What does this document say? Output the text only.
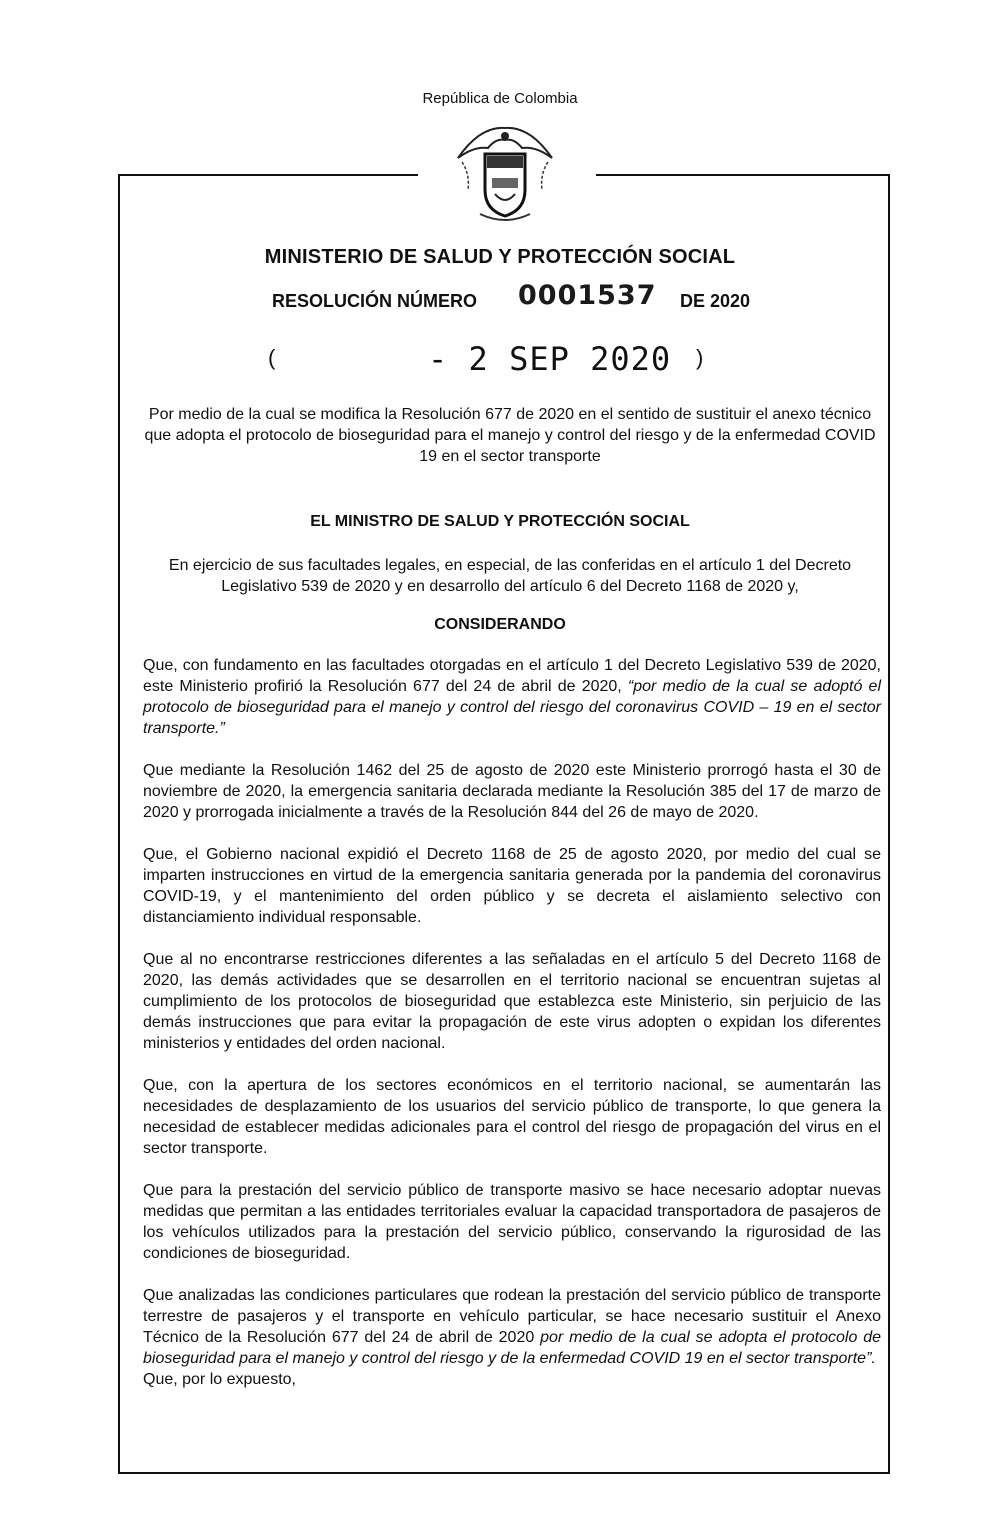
República de Colombia
MINISTERIO DE SALUD Y PROTECCIÓN SOCIAL
RESOLUCIÓN NÚMERO 0001537 DE 2020
(	- 2 SEP 2020 )
Por medio de la cual se modifica la Resolución 677 de 2020 en el sentido de sustituir el anexo técnico que adopta el protocolo de bioseguridad para el manejo y control del riesgo y de la enfermedad COVID 19 en el sector transporte
EL MINISTRO DE SALUD Y PROTECCIÓN SOCIAL
En ejercicio de sus facultades legales, en especial, de las conferidas en el artículo 1 del Decreto Legislativo 539 de 2020 y en desarrollo del artículo 6 del Decreto 1168 de 2020 y,
CONSIDERANDO

Que, con fundamento en las facultades otorgadas en el artículo 1 del Decreto Legislativo 539 de 2020, este Ministerio profirió la Resolución 677 del 24 de abril de 2020, “por medio de la cual se adoptó el protocolo de bioseguridad para el manejo y control del riesgo del coronavirus COVID – 19 en el sector transporte.”

Que mediante la Resolución 1462 del 25 de agosto de 2020 este Ministerio prorrogó hasta el 30 de noviembre de 2020, la emergencia sanitaria declarada mediante la Resolución 385 del 17 de marzo de 2020 y prorrogada inicialmente a través de la Resolución 844 del 26 de mayo de 2020.

Que, el Gobierno nacional expidió el Decreto 1168 de 25 de agosto 2020, por medio del cual se imparten instrucciones en virtud de la emergencia sanitaria generada por la pandemia del coronavirus COVID-19, y el mantenimiento del orden público y se decreta el aislamiento selectivo con distanciamiento individual responsable.

Que al no encontrarse restricciones diferentes a las señaladas en el artículo 5 del Decreto 1168 de 2020, las demás actividades que se desarrollen en el territorio nacional se encuentran sujetas al cumplimiento de los protocolos de bioseguridad que establezca este Ministerio, sin perjuicio de las demás instrucciones que para evitar la propagación de este virus adopten o expidan los diferentes ministerios y entidades del orden nacional.

Que, con la apertura de los sectores económicos en el territorio nacional, se aumentarán las necesidades de desplazamiento de los usuarios del servicio público de transporte, lo que genera la necesidad de establecer medidas adicionales para el control del riesgo de propagación del virus en el sector transporte.

Que para la prestación del servicio público de transporte masivo se hace necesario adoptar nuevas medidas que permitan a las entidades territoriales evaluar la capacidad transportadora de pasajeros de los vehículos utilizados para la prestación del servicio público, conservando la rigurosidad de las condiciones de bioseguridad.

Que analizadas las condiciones particulares que rodean la prestación del servicio público de transporte terrestre de pasajeros y el transporte en vehículo particular, se hace necesario sustituir el Anexo Técnico de la Resolución 677 del 24 de abril de 2020 por medio de la cual se adopta el protocolo de bioseguridad para el manejo y control del riesgo y de la enfermedad COVID 19 en el sector transporte”.

Que, por lo expuesto,
